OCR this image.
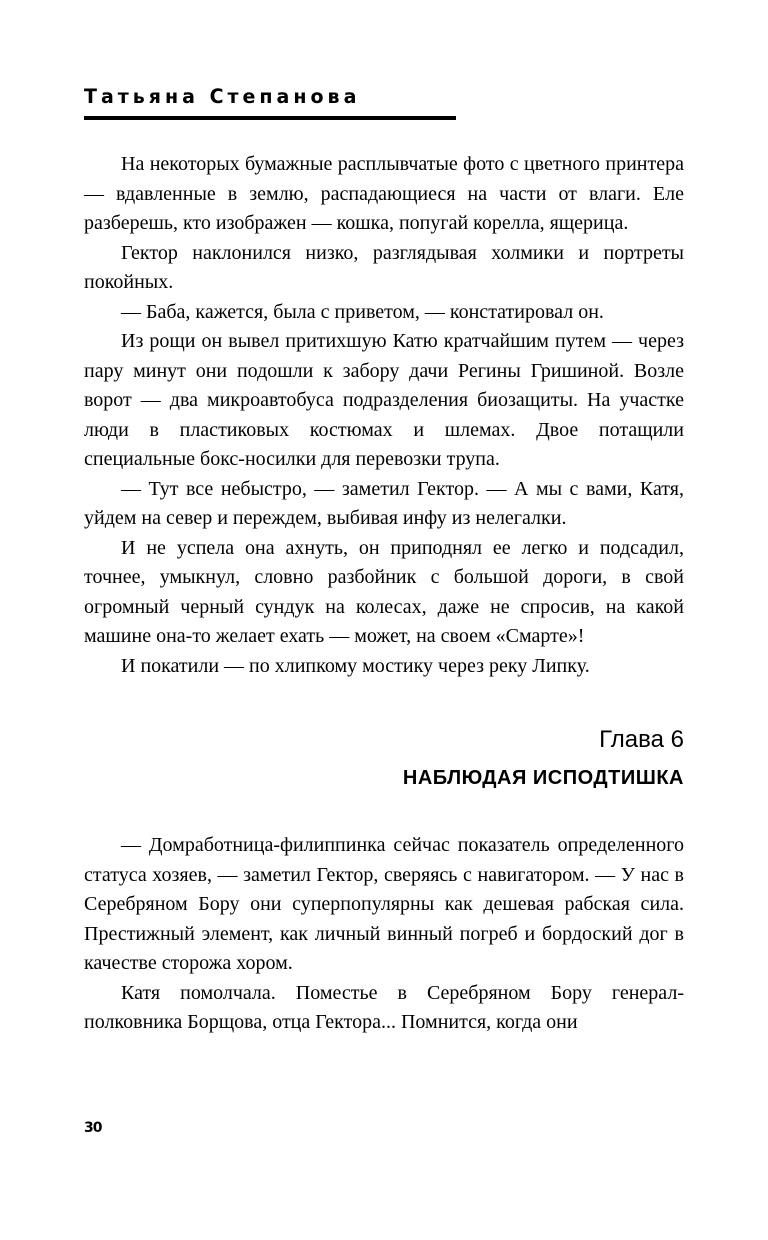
Татьяна Степанова

На некоторых бумажные расплывчатые фото с цветного принтера — вдавленные в землю, распадающиеся на части от влаги. Еле разберешь, кто изображен — кошка, попугай корелла, ящерица.

Гектор наклонился низко, разглядывая холмики и портреты покойных.

— Баба, кажется, была с приветом, — констатировал он.

Из рощи он вывел притихшую Катю кратчайшим путем — через пару минут они подошли к забору дачи Регины Гришиной. Возле ворот — два микроавтобуса подразделения биозащиты. На участке люди в пластиковых костюмах и шлемах. Двое потащили специальные бокс-носилки для перевозки трупа.

— Тут все небыстро, — заметил Гектор. — А мы с вами, Катя, уйдем на север и переждем, выбивая инфу из нелегалки.

И не успела она ахнуть, он приподнял ее легко и подсадил, точнее, умыкнул, словно разбойник с большой дороги, в свой огромный черный сундук на колесах, даже не спросив, на какой машине она-то желает ехать — может, на своем «Смарте»!

И покатили — по хлипкому мостику через реку Липку.

Глава 6
НАБЛЮДАЯ ИСПОДТИШКА

— Домработница-филиппинка сейчас показатель определенного статуса хозяев, — заметил Гектор, сверяясь с навигатором. — У нас в Серебряном Бору они суперпопулярны как дешевая рабская сила. Престижный элемент, как личный винный погреб и бордоский дог в качестве сторожа хором.

Катя помолчала. Поместье в Серебряном Бору генерал-полковника Борщова, отца Гектора... Помнится, когда они

30
